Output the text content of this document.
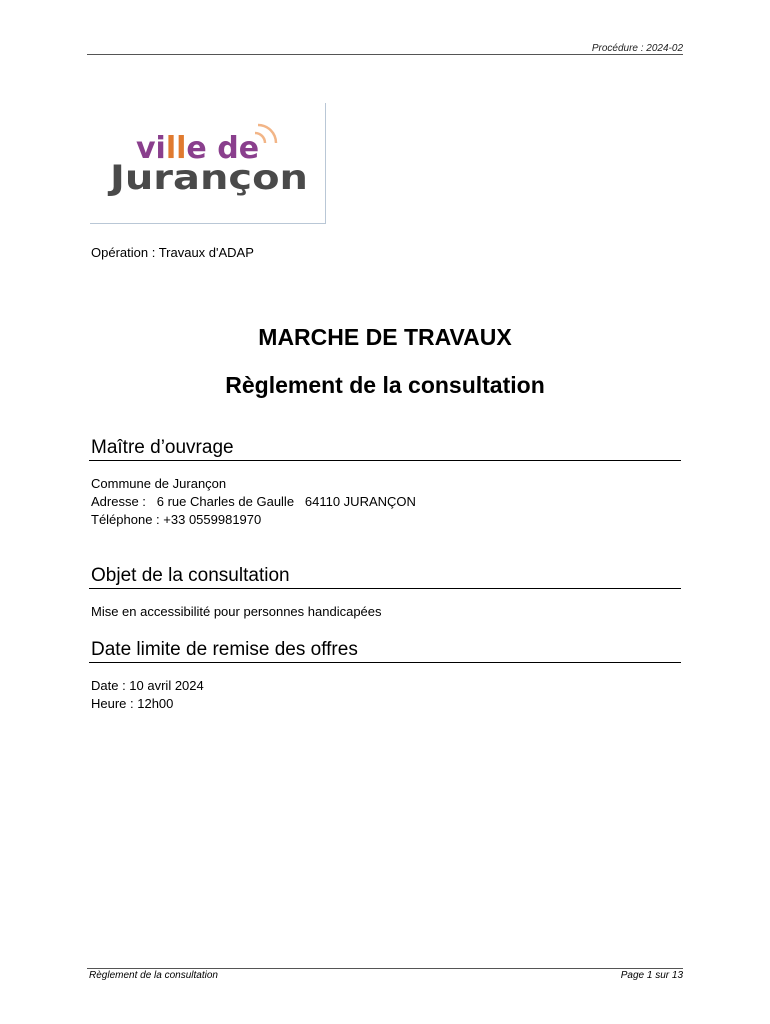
Procédure : 2024-02
ville de
Jurançon
Opération : Travaux d'ADAP
MARCHE DE TRAVAUX
Règlement de la consultation
Maître d’ouvrage
Commune de Jurançon
Adresse :   6 rue Charles de Gaulle   64110 JURANÇON
Téléphone : +33 0559981970
Objet de la consultation
Mise en accessibilité pour personnes handicapées
Date limite de remise des offres
Date : 10 avril 2024
Heure : 12h00
Règlement de la consultation	Page 1 sur 13
